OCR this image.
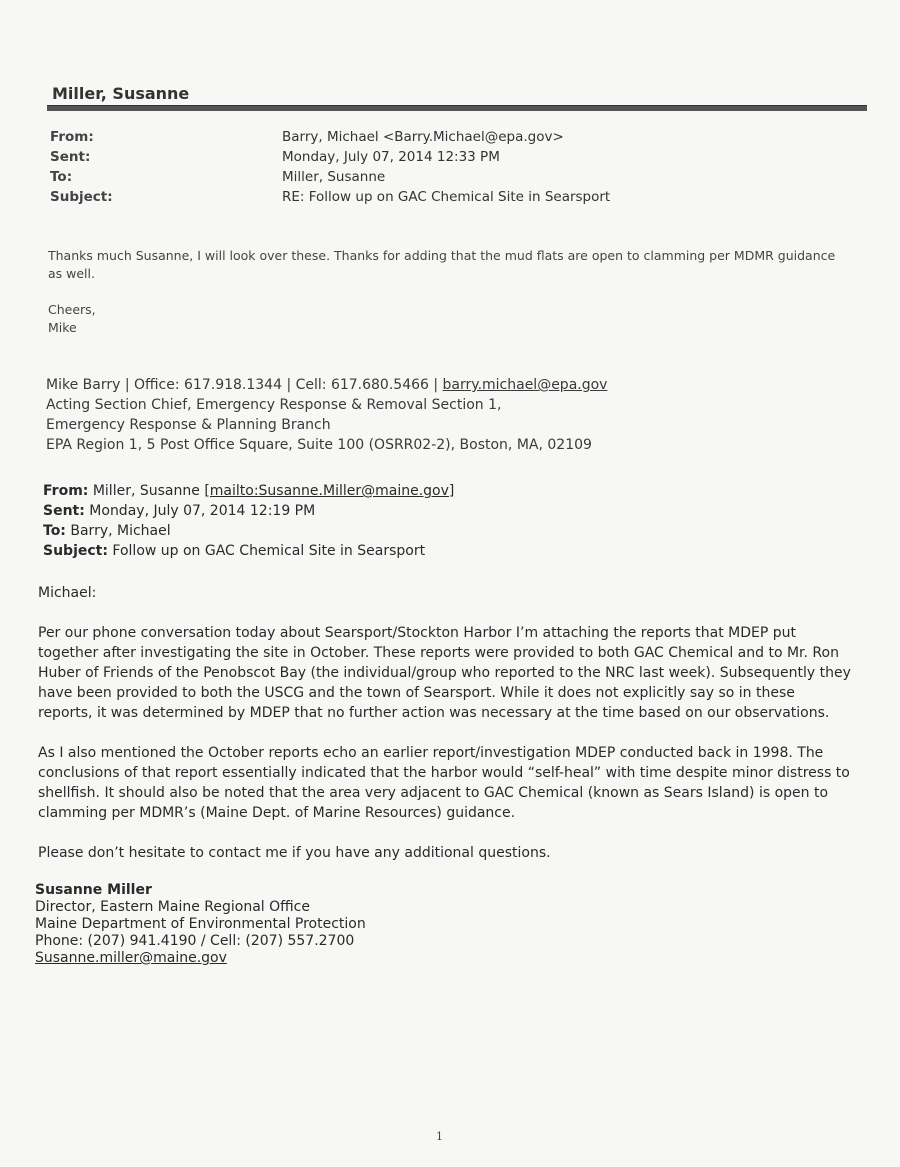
Miller, Susanne
From:	Barry, Michael <Barry.Michael@epa.gov>
Sent:	Monday, July 07, 2014 12:33 PM
To:	Miller, Susanne
Subject:	RE: Follow up on GAC Chemical Site in Searsport
Thanks much Susanne, I will look over these. Thanks for adding that the mud flats are open to clamming per MDMR guidance as well.
Cheers,
Mike
Mike Barry | Office: 617.918.1344 | Cell: 617.680.5466 | barry.michael@epa.gov
Acting Section Chief, Emergency Response & Removal Section 1,
Emergency Response & Planning Branch
EPA Region 1, 5 Post Office Square, Suite 100 (OSRR02-2), Boston, MA, 02109
From: Miller, Susanne [mailto:Susanne.Miller@maine.gov]
Sent: Monday, July 07, 2014 12:19 PM
To: Barry, Michael
Subject: Follow up on GAC Chemical Site in Searsport
Michael:
Per our phone conversation today about Searsport/Stockton Harbor I’m attaching the reports that MDEP put together after investigating the site in October. These reports were provided to both GAC Chemical and to Mr. Ron Huber of Friends of the Penobscot Bay (the individual/group who reported to the NRC last week). Subsequently they have been provided to both the USCG and the town of Searsport. While it does not explicitly say so in these reports, it was determined by MDEP that no further action was necessary at the time based on our observations.
As I also mentioned the October reports echo an earlier report/investigation MDEP conducted back in 1998. The conclusions of that report essentially indicated that the harbor would “self-heal” with time despite minor distress to shellfish. It should also be noted that the area very adjacent to GAC Chemical (known as Sears Island) is open to clamming per MDMR’s (Maine Dept. of Marine Resources) guidance.
Please don’t hesitate to contact me if you have any additional questions.
Susanne Miller
Director, Eastern Maine Regional Office
Maine Department of Environmental Protection
Phone: (207) 941.4190 / Cell: (207) 557.2700
Susanne.miller@maine.gov
1
